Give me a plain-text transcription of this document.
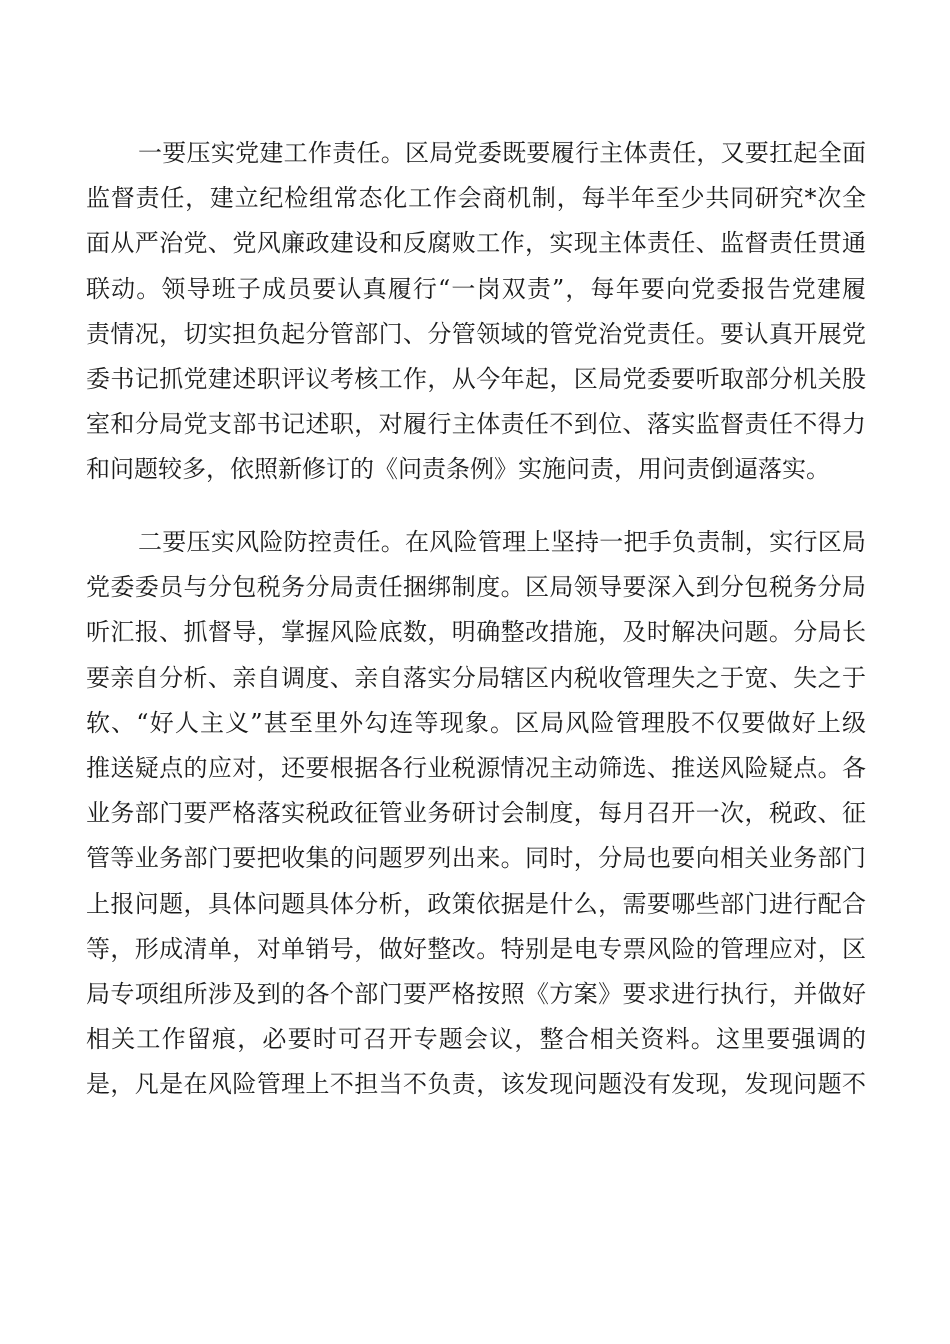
一要压实党建工作责任。区局党委既要履行主体责任，又要扛起全面
监督责任，建立纪检组常态化工作会商机制，每半年至少共同研究*次全
面从严治党、党风廉政建设和反腐败工作，实现主体责任、监督责任贯通
联动。领导班子成员要认真履行“一岗双责”，每年要向党委报告党建履
责情况，切实担负起分管部门、分管领域的管党治党责任。要认真开展党
委书记抓党建述职评议考核工作，从今年起，区局党委要听取部分机关股
室和分局党支部书记述职，对履行主体责任不到位、落实监督责任不得力
和问题较多，依照新修订的《问责条例》实施问责，用问责倒逼落实。
二要压实风险防控责任。在风险管理上坚持一把手负责制，实行区局
党委委员与分包税务分局责任捆绑制度。区局领导要深入到分包税务分局
听汇报、抓督导，掌握风险底数，明确整改措施，及时解决问题。分局长
要亲自分析、亲自调度、亲自落实分局辖区内税收管理失之于宽、失之于
软、“好人主义”甚至里外勾连等现象。区局风险管理股不仅要做好上级
推送疑点的应对，还要根据各行业税源情况主动筛选、推送风险疑点。各
业务部门要严格落实税政征管业务研讨会制度，每月召开一次，税政、征
管等业务部门要把收集的问题罗列出来。同时，分局也要向相关业务部门
上报问题，具体问题具体分析，政策依据是什么，需要哪些部门进行配合
等，形成清单，对单销号，做好整改。特别是电专票风险的管理应对，区
局专项组所涉及到的各个部门要严格按照《方案》要求进行执行，并做好
相关工作留痕，必要时可召开专题会议，整合相关资料。这里要强调的
是，凡是在风险管理上不担当不负责，该发现问题没有发现，发现问题不
